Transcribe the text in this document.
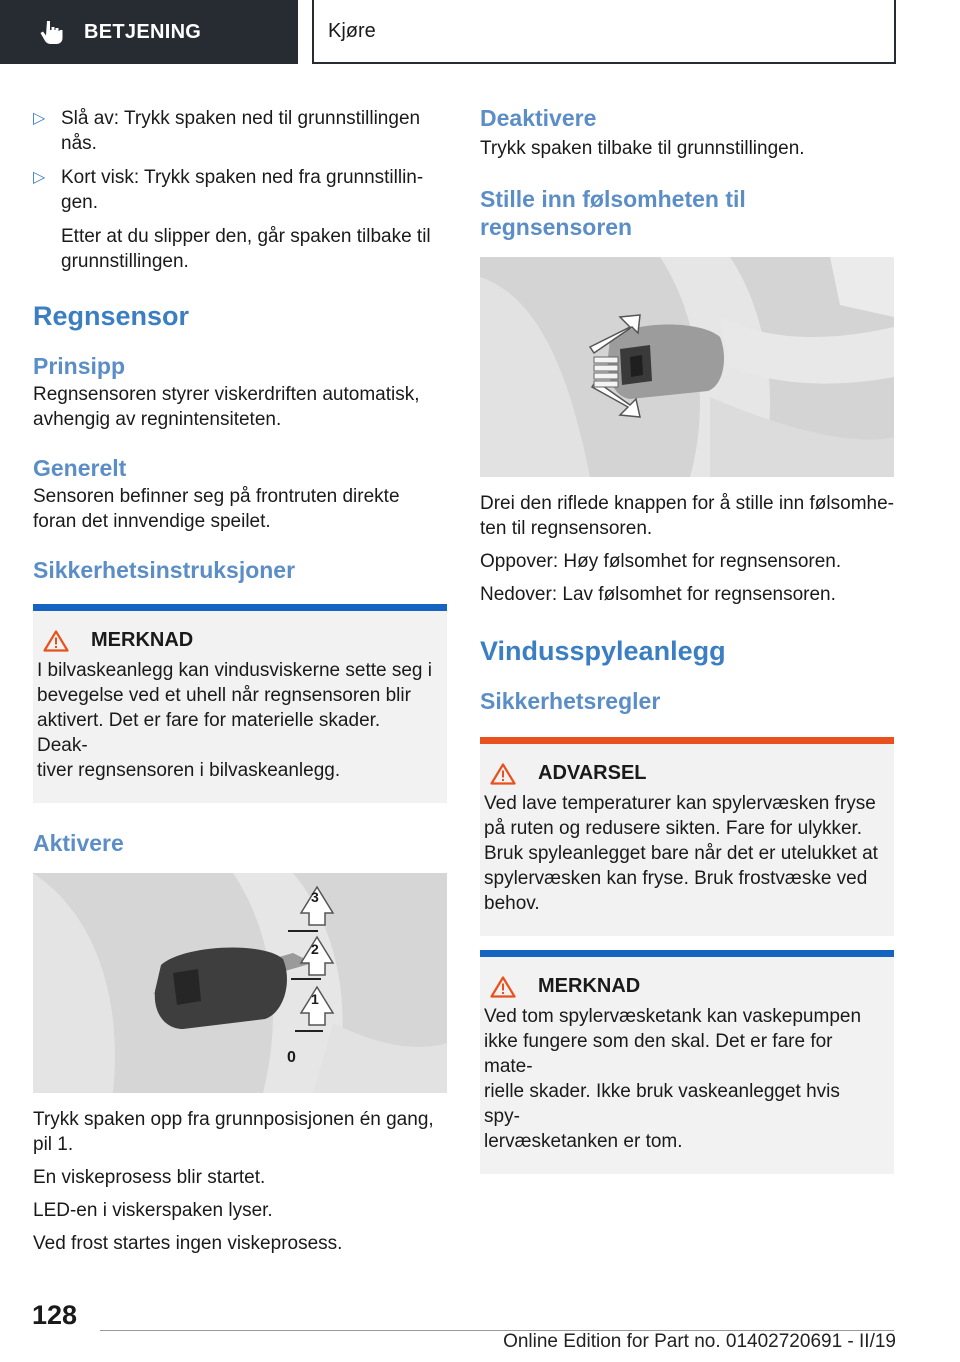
BETJENING	Kjøre
▷ Slå av: Trykk spaken ned til grunnstillingen
nås.
▷ Kort visk: Trykk spaken ned fra grunnstillin-
gen.
Etter at du slipper den, går spaken tilbake til
grunnstillingen.
Regnsensor
Prinsipp

Regnsensoren styrer viskerdriften automatisk,

avhengig av regnintensiteten.

Generelt

Sensoren befinner seg på frontruten direkte

foran det innvendige speilet.

Sikkerhetsinstruksjoner
MERKNAD

I bilvaskeanlegg kan vindusviskerne sette seg i

bevegelse ved et uhell når regnsensoren blir

aktivert. Det er fare for materielle skader. Deak-

tiver regnsensoren i bilvaskeanlegg.

Aktivere
3
2
1
0

Trykk spaken opp fra grunnposisjonen én gang,

pil 1.

En viskeprosess blir startet.

LED-en i viskerspaken lyser.

Ved frost startes ingen viskeprosess.

Deaktivere

Trykk spaken tilbake til grunnstillingen.

Stille inn følsomheten til
regnsensoren

Drei den riflede knappen for å stille inn følsomhe-

ten til regnsensoren.

Oppover: Høy følsomhet for regnsensoren.

Nedover: Lav følsomhet for regnsensoren.

Vindusspyleanlegg
Sikkerhetsregler
ADVARSEL

Ved lave temperaturer kan spylervæsken fryse

på ruten og redusere sikten. Fare for ulykker.

Bruk spyleanlegget bare når det er utelukket at

spylervæsken kan fryse. Bruk frostvæske ved

behov.

MERKNAD

Ved tom spylervæsketank kan vaskepumpen

ikke fungere som den skal. Det er fare for mate-

rielle skader. Ikke bruk vaskeanlegget hvis spy-

lervæsketanken er tom.

128
Online Edition for Part no. 01402720691 - II/19
